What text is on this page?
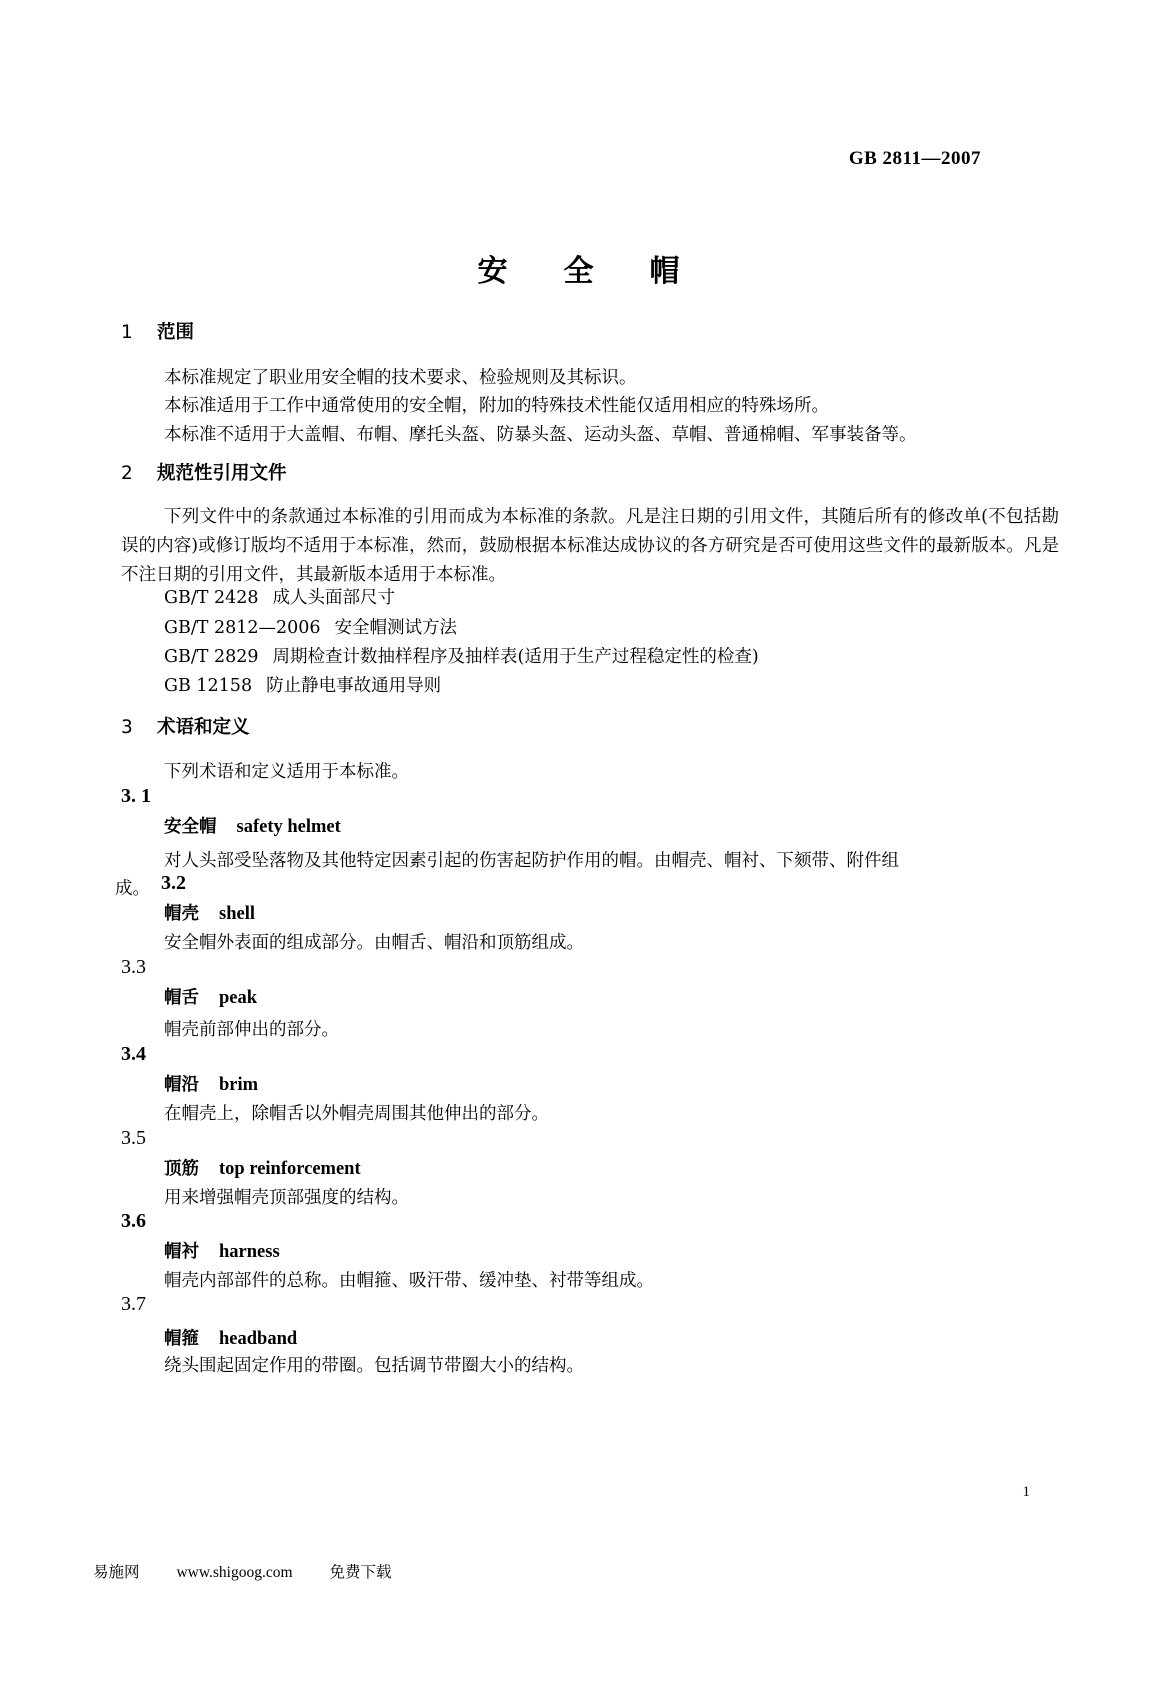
GB 2811—2007
安全帽
1 范围
本标准规定了职业用安全帽的技术要求、检验规则及其标识。
本标准适用于工作中通常使用的安全帽，附加的特殊技术性能仅适用相应的特殊场所。
本标准不适用于大盖帽、布帽、摩托头盔、防暴头盔、运动头盔、草帽、普通棉帽、军事装备等。
2 规范性引用文件
下列文件中的条款通过本标准的引用而成为本标准的条款。凡是注日期的引用文件，其随后所有的修改单(不包括勘误的内容)或修订版均不适用于本标准，然而，鼓励根据本标准达成协议的各方研究是否可使用这些文件的最新版本。凡是不注日期的引用文件，其最新版本适用于本标准。
GB/T 2428 成人头面部尺寸
GB/T 2812—2006 安全帽测试方法
GB/T 2829 周期检查计数抽样程序及抽样表(适用于生产过程稳定性的检查)
GB 12158 防止静电事故通用导则
3 术语和定义
下列术语和定义适用于本标准。
3. 1
安全帽 safety helmet
对人头部受坠落物及其他特定因素引起的伤害起防护作用的帽。由帽壳、帽衬、下颏带、附件组
成。 3.2
帽壳 shell
安全帽外表面的组成部分。由帽舌、帽沿和顶筋组成。
3.3
帽舌 peak
帽壳前部伸出的部分。
3.4
帽沿 brim
在帽壳上，除帽舌以外帽壳周围其他伸出的部分。
3.5
顶筋 top reinforcement
用来增强帽壳顶部强度的结构。
3.6
帽衬 harness
帽壳内部部件的总称。由帽箍、吸汗带、缓冲垫、衬带等组成。
3.7
帽箍 headband
绕头围起固定作用的带圈。包括调节带圈大小的结构。
1
易施网 www.shigoog.com 免费下载
